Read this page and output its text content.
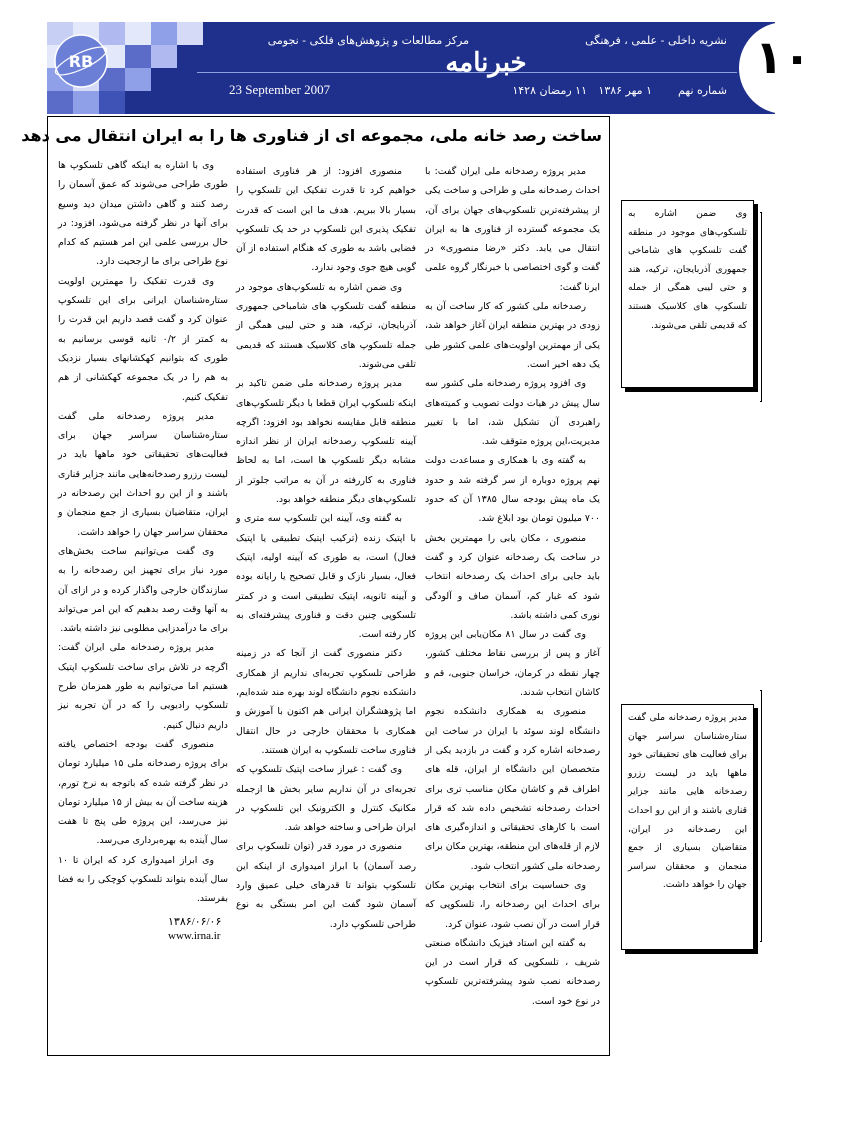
RB
نشریه داخلی - علمی ، فرهنگی
مرکز مطالعات و پژوهش‌های فلکی - نجومی
خبرنامه
شماره نهم
۱ مهر ۱۳۸۶
۱۱ رمضان ۱۴۲۸
23 September 2007
۱۰
ساخت رصد خانه ملی، مجموعه ای از فناوری ها را به ایران انتقال می دهد

مدیر پروژه رصدخانه ملی ایران گفت: با احداث رصدخانه ملی و طراحی و ساخت یکی از پیشرفته‌ترین تلسکوپ‌های جهان برای آن، یک مجموعه گسترده از فناوری ها به ایران انتقال می یابد. دکتر «رضا منصوری» در گفت و گوی اختصاصی با خبرنگار گروه علمی ایرنا گفت:

رصدخانه ملی کشور که کار ساخت آن به زودی در بهترین منطقه ایران آغاز خواهد شد، یکی از مهمترین اولویت‌های علمی کشور طی یک دهه اخیر است.

وی افزود پروژه رصدخانه ملی کشور سه سال پیش در هیات دولت تصویب و کمیته‌های راهبردی آن تشکیل شد، اما با تغییر مدیریت،این پروژه متوقف شد.

به گفته وی با همکاری و مساعدت دولت نهم پروژه دوباره از سر گرفته شد و حدود یک ماه پیش بودجه سال ۱۳۸۵ آن که حدود ۷۰۰ میلیون تومان بود ابلاغ شد.

منصوری ، مکان یابی را مهمترین بخش در ساخت یک رصدخانه عنوان کرد و گفت باید جایی برای احداث یک رصدخانه انتخاب شود که غبار کم، آسمان صاف و آلودگی نوری کمی داشته باشد.

وی گفت در سال ۸۱ مکان‌یابی این پروژه آغاز و پس از بررسی نقاط مختلف کشور، چهار نقطه در کرمان، خراسان جنوبی، قم و کاشان انتخاب شدند.

منصوری به همکاری دانشکده نجوم دانشگاه لوند سوئد با ایران در ساخت این رصدخانه اشاره کرد و گفت در بازدید یکی از متخصصان این دانشگاه از ایران، قله های اطراف قم و کاشان مکان مناسب تری برای احداث رصدخانه تشخیص داده شد که قرار است با کارهای تحقیقاتی و اندازه‌گیری های لازم از قله‌های این منطقه، بهترین مکان برای رصدخانه ملی کشور انتخاب شود.

وی حساسیت برای انتخاب بهترین مکان برای احداث این رصدخانه را، تلسکوپی که قرار است در آن نصب شود، عنوان کرد.

به گفته این استاد فیزیک دانشگاه صنعتی شریف ، تلسکوپی که قرار است در این رصدخانه نصب شود پیشرفته‌ترین تلسکوپ در نوع خود است.

منصوری افزود: از هر فناوری استفاده خواهیم کرد تا قدرت تفکیک این تلسکوپ را بسیار بالا ببریم. هدف ما این است که قدرت تفکیک پذیری این تلسکوپ در حد یک تلسکوپ فضایی باشد به طوری که هنگام استفاده از آن گویی هیچ جوی وجود ندارد.

وی ضمن اشاره به تلسکوپ‌های موجود در منطقه گفت تلسکوپ های شامباخی جمهوری آذربایجان، ترکیه، هند و حتی لیبی همگی از جمله تلسکوپ های کلاسیک هستند که قدیمی تلقی می‌شوند.

مدیر پروژه رصدخانه ملی ضمن تاکید بر اینکه تلسکوپ ایران قطعا با دیگر تلسکوپ‌های منطقه قابل مقایسه نخواهد بود افزود: اگرچه آیینه تلسکوپ رصدخانه ایران از نظر اندازه مشابه دیگر تلسکوپ ها است، اما به لحاظ فناوری به کاررفته در آن به مراتب جلوتر از تلسکوپ‌های دیگر منطقه خواهد بود.

به گفته وی، آیینه این تلسکوپ سه متری و با اپتیک زنده (ترکیب اپتیک تطبیقی یا اپتیک فعال) است، به طوری که آیینه اولیه، اپتیک فعال، بسیار نازک و قابل تصحیح یا رایانه بوده و آیینه ثانویه، اپتیک تطبیقی است و در کمتر تلسکوپی چنین دقت و فناوری پیشرفته‌ای به کار رفته است.

دکتر منصوری گفت از آنجا که در زمینه طراحی تلسکوپ تجربه‌ای نداریم از همکاری دانشکده نجوم دانشگاه لوند بهره مند شده‌ایم، اما پژوهشگران ایرانی هم اکنون با آموزش و همکاری با محققان خارجی در حال انتقال فناوری ساخت تلسکوپ به ایران هستند.

وی گفت : غیراز ساخت اپتیک تلسکوپ که تجربه‌ای در آن نداریم سایر بخش ها ازجمله مکانیک کنترل و الکترونیک این تلسکوپ در ایران طراحی و ساخته خواهد شد.

منصوری در مورد قدر (توان تلسکوپ برای رصد آسمان) با ابراز امیدواری از اینکه این تلسکوپ بتواند تا قدرهای خیلی عمیق وارد آسمان شود گفت این امر بستگی به نوع طراحی تلسکوپ دارد.

وی با اشاره به اینکه گاهی تلسکوپ ها طوری طراحی می‌شوند که عمق آسمان را رصد کنند و گاهی داشتن میدان دید وسیع برای آنها در نظر گرفته می‌شود، افزود: در حال بررسی علمی این امر هستیم که کدام نوع طراحی برای ما ارجحیت دارد.

وی قدرت تفکیک را مهمترین اولویت ستاره‌شناسان ایرانی برای این تلسکوپ عنوان کرد و گفت قصد داریم این قدرت را به کمتر از ۰/۲ ثانیه قوسی برسانیم به طوری که بتوانیم کهکشانهای بسیار نزدیک به هم را در یک مجموعه کهکشانی از هم تفکیک کنیم.

مدیر پروژه رصدخانه ملی گفت ستاره‌شناسان سراسر جهان برای فعالیت‌های تحقیقاتی خود ماهها باید در لیست رزرو رصدخانه‌هایی مانند جزایر قناری باشند و از این رو احداث این رصدخانه در ایران، متقاضیان بسیاری از جمع منجمان و محققان سراسر جهان را خواهد داشت.

وی گفت می‌توانیم ساخت بخش‌های مورد نیاز برای تجهیز این رصدخانه را به سازندگان خارجی واگذار کرده و در ازای آن به آنها وقت رصد بدهیم که این امر می‌تواند برای ما درآمدزایی مطلوبی نیز داشته باشد.

مدیر پروژه رصدخانه ملی ایران گفت: اگرچه در تلاش برای ساخت تلسکوپ اپتیک هستیم اما می‌توانیم به طور همزمان طرح تلسکوپ رادیویی را که در آن تجربه نیز داریم دنبال کنیم.

منصوری گفت بودجه اختصاص یافته برای پروژه رصدخانه ملی ۱۵ میلیارد تومان در نظر گرفته شده که باتوجه به نرخ تورم، هزینه ساخت آن به بیش از ۱۵ میلیارد تومان نیز می‌رسد، این پروژه طی پنج تا هفت سال آینده به بهره‌برداری می‌رسد.

وی ابراز امیدواری کرد که ایران تا ۱۰ سال آینده بتواند تلسکوپ کوچکی را به فضا بفرستد.

۱۳۸۶/۰۶/۰۶

www.irna.ir

وی ضمن اشاره به تلسکوپ‌های موجود در منطقه گفت تلسکوپ های شاماخی جمهوری آذربایجان، ترکیه، هند و حتی لیبی همگی از جمله تلسکوپ های کلاسیک هستند که قدیمی تلقی می‌شوند.
مدیر پروژه رصدخانه ملی گفت ستاره‌شناسان سراسر جهان برای فعالیت های تحقیقاتی خود ماهها باید در لیست رزرو رصدخانه هایی مانند جزایر قناری باشند و از این رو احداث این رصدخانه در ایران، متقاضیان بسیاری از جمع منجمان و محققان سراسر جهان را خواهد داشت.
